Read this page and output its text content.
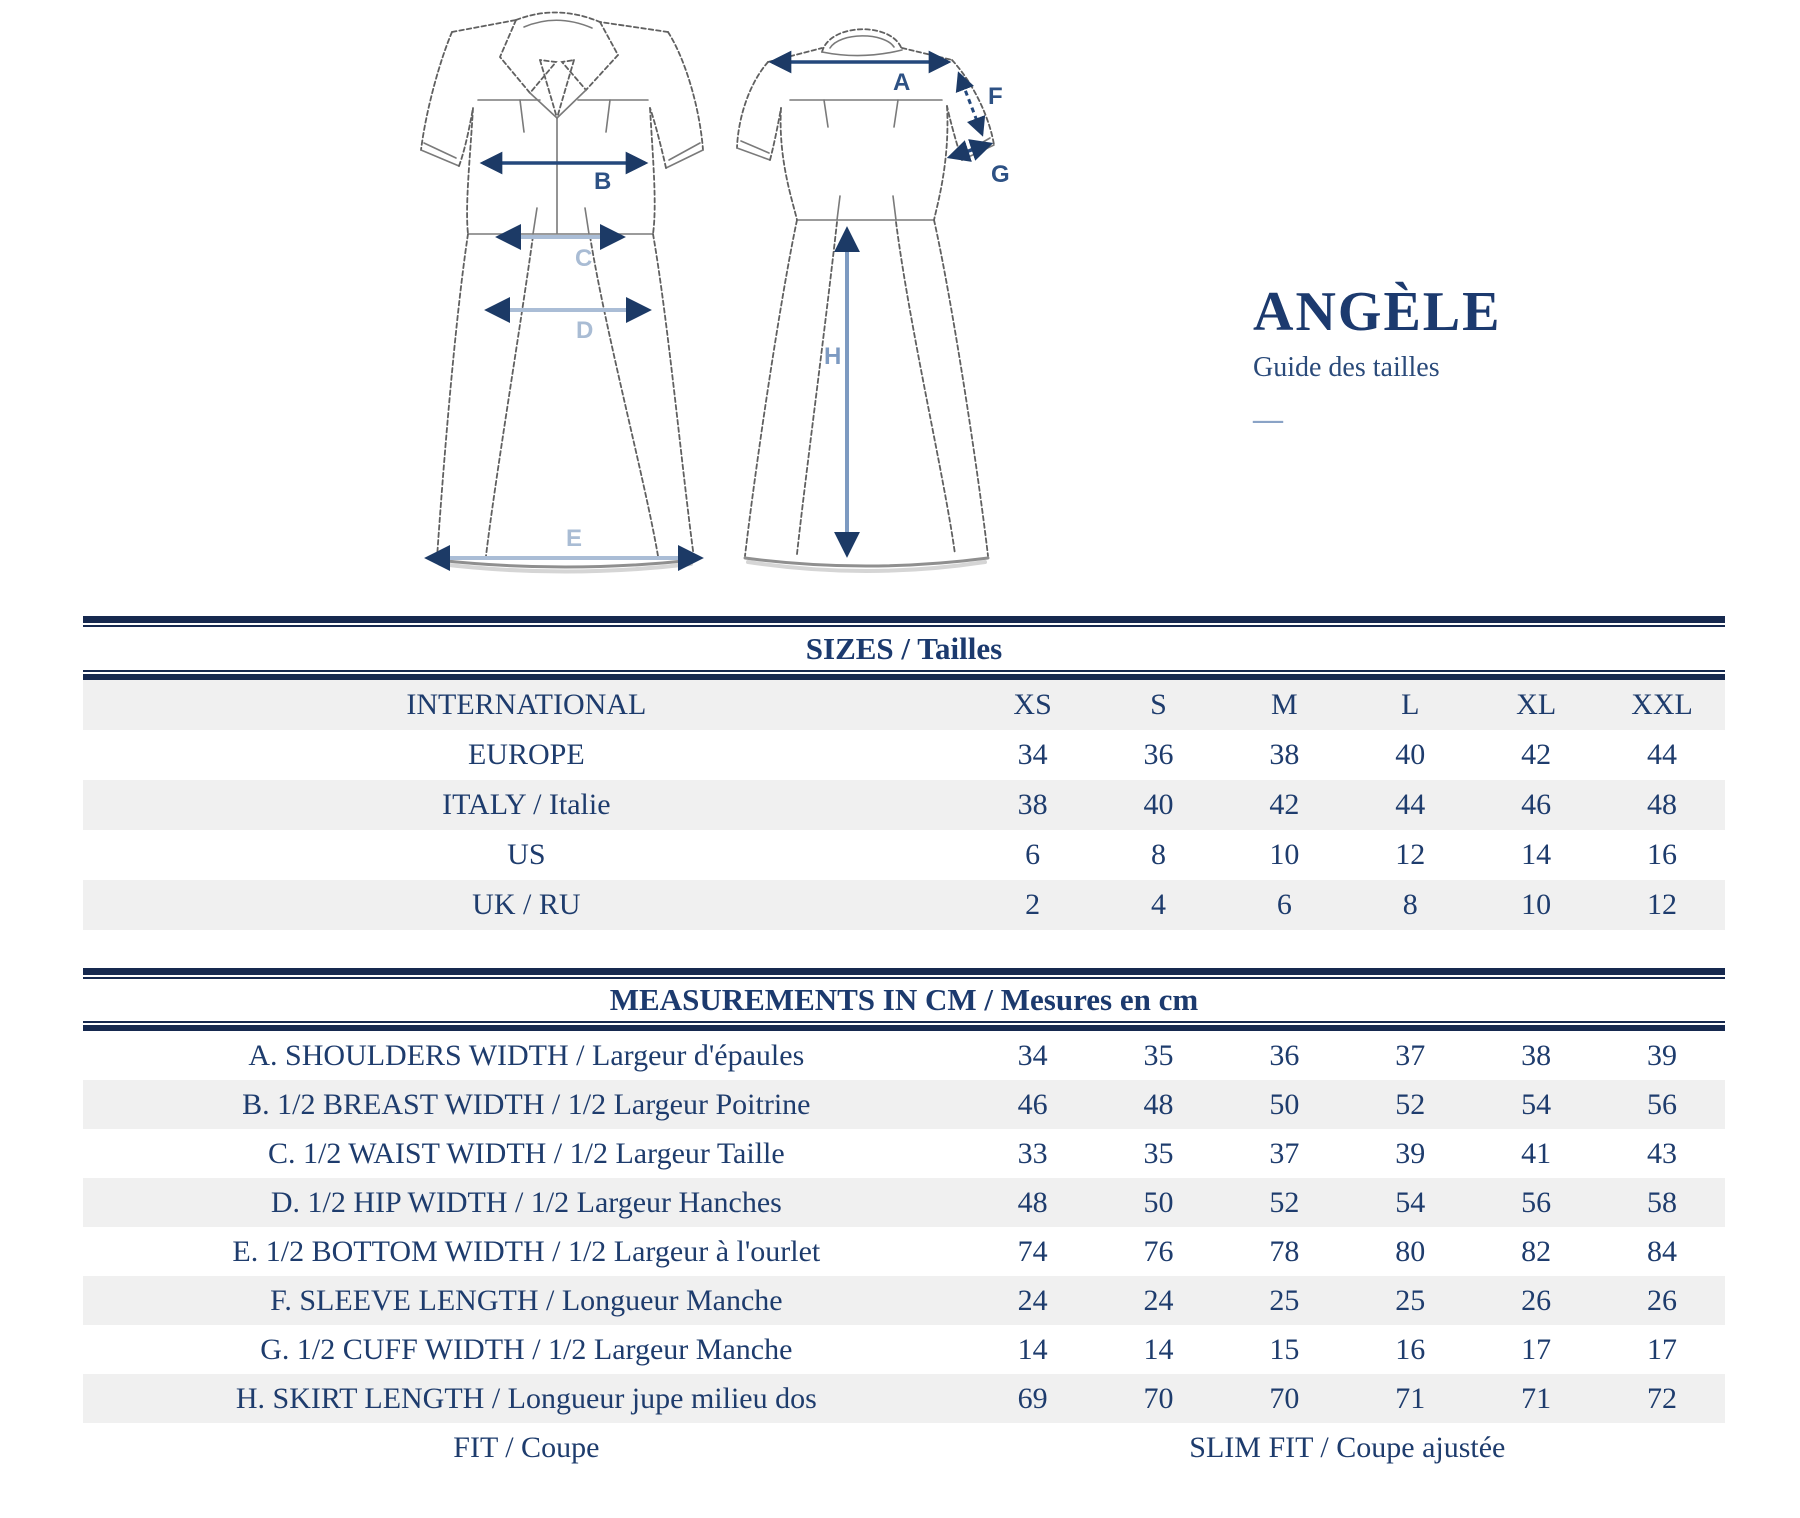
A
B
C
D
E
F
G
H
ANGÈLE
Guide des tailles
—
SIZES / Tailles
INTERNATIONAL	XS	S	M	L	XL	XXL
EUROPE	34	36	38	40	42	44
ITALY / Italie	38	40	42	44	46	48
US	6	8	10	12	14	16
UK / RU	2	4	6	8	10	12
MEASUREMENTS IN CM / Mesures en cm
A. SHOULDERS WIDTH / Largeur d'épaules	34	35	36	37	38	39
B. 1/2 BREAST WIDTH / 1/2 Largeur Poitrine	46	48	50	52	54	56
C. 1/2 WAIST WIDTH / 1/2 Largeur Taille	33	35	37	39	41	43
D. 1/2 HIP WIDTH / 1/2 Largeur Hanches	48	50	52	54	56	58
E. 1/2 BOTTOM WIDTH / 1/2 Largeur à l'ourlet	74	76	78	80	82	84
F. SLEEVE LENGTH / Longueur Manche	24	24	25	25	26	26
G. 1/2 CUFF WIDTH / 1/2 Largeur Manche	14	14	15	16	17	17
H. SKIRT LENGTH / Longueur jupe milieu dos	69	70	70	71	71	72
FIT / Coupe	SLIM FIT / Coupe ajustée
